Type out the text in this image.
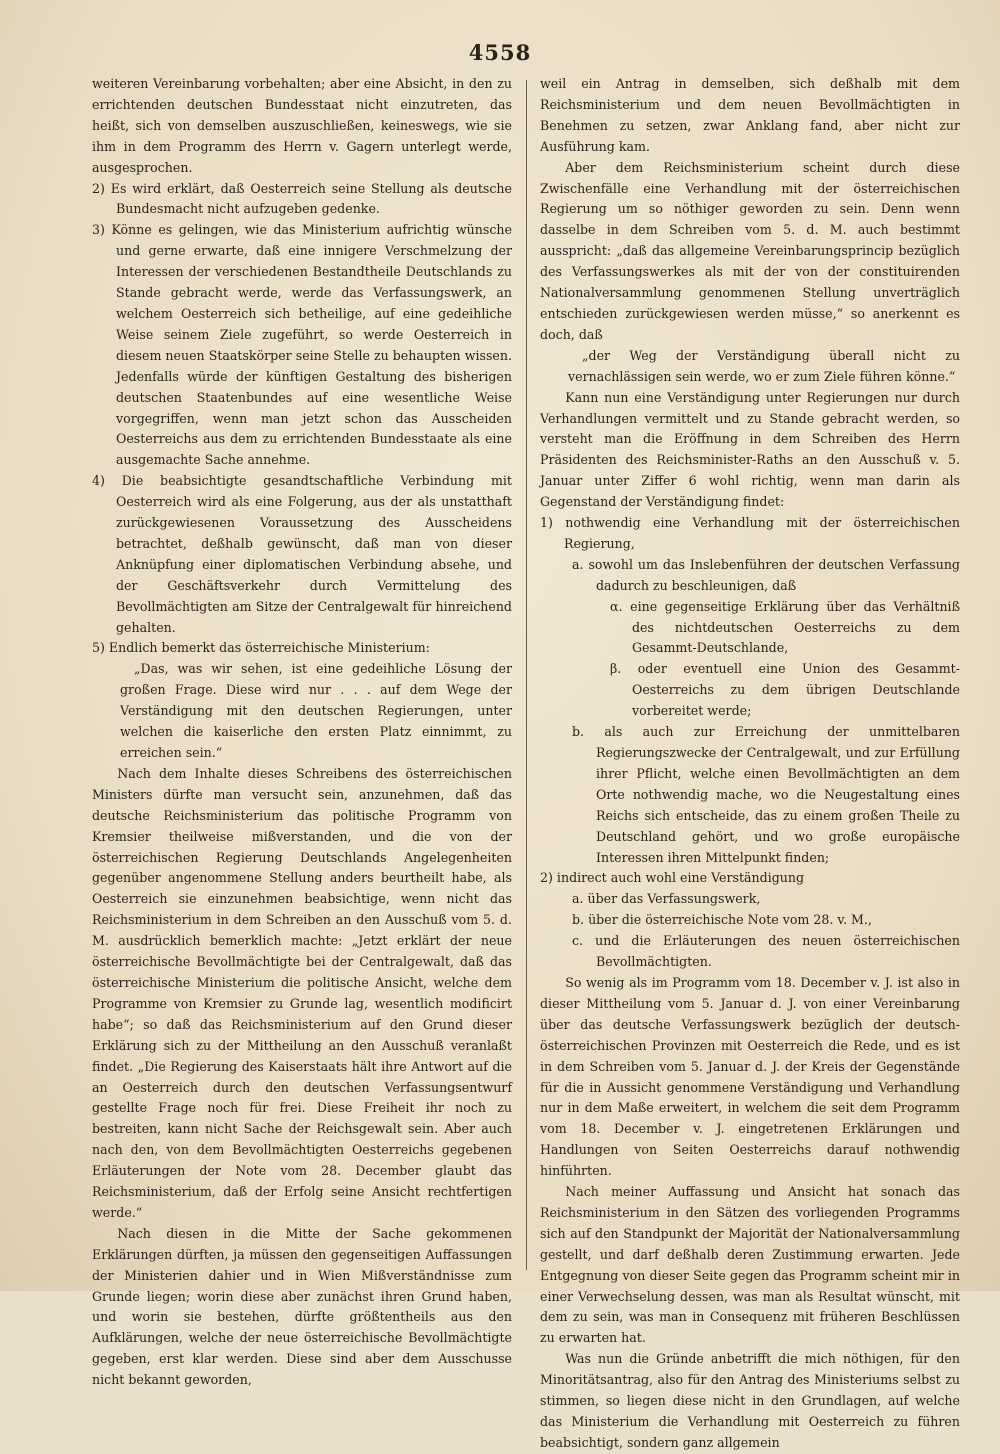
4558

weiteren Vereinbarung vorbehalten; aber eine Absicht, in den zu errichtenden deutschen Bundesstaat nicht einzutreten, das heißt, sich von demselben auszuschließen, keineswegs, wie sie ihm in dem Programm des Herrn v. Gagern unterlegt werde, ausgesprochen.

2) Es wird erklärt, daß Oesterreich seine Stellung als deutsche Bundesmacht nicht aufzugeben gedenke.

3) Könne es gelingen, wie das Ministerium aufrichtig wünsche und gerne erwarte, daß eine innigere Verschmelzung der Interessen der verschiedenen Bestandtheile Deutschlands zu Stande gebracht werde, werde das Verfassungswerk, an welchem Oesterreich sich betheilige, auf eine gedeihliche Weise seinem Ziele zugeführt, so werde Oesterreich in diesem neuen Staatskörper seine Stelle zu behaupten wissen. Jedenfalls würde der künftigen Gestaltung des bisherigen deutschen Staatenbundes auf eine wesentliche Weise vorgegriffen, wenn man jetzt schon das Ausscheiden Oesterreichs aus dem zu errichtenden Bundesstaate als eine ausgemachte Sache annehme.

4) Die beabsichtigte gesandtschaftliche Verbindung mit Oesterreich wird als eine Folgerung, aus der als unstatthaft zurückgewiesenen Voraussetzung des Ausscheidens betrachtet, deßhalb gewünscht, daß man von dieser Anknüpfung einer diplomatischen Verbindung absehe, und der Geschäftsverkehr durch Vermittelung des Bevollmächtigten am Sitze der Centralgewalt für hinreichend gehalten.

5) Endlich bemerkt das österreichische Ministerium:

„Das, was wir sehen, ist eine gedeihliche Lösung der großen Frage. Diese wird nur . . . auf dem Wege der Verständigung mit den deutschen Regierungen, unter welchen die kaiserliche den ersten Platz einnimmt, zu erreichen sein.“

Nach dem Inhalte dieses Schreibens des österreichischen Ministers dürfte man versucht sein, anzunehmen, daß das deutsche Reichsministerium das politische Programm von Kremsier theilweise mißverstanden, und die von der österreichischen Regierung Deutschlands Angelegenheiten gegenüber angenommene Stellung anders beurtheilt habe, als Oesterreich sie einzunehmen beabsichtige, wenn nicht das Reichsministerium in dem Schreiben an den Ausschuß vom 5. d. M. ausdrücklich bemerklich machte: „Jetzt erklärt der neue österreichische Bevollmächtigte bei der Centralgewalt, daß das österreichische Ministerium die politische Ansicht, welche dem Programme von Kremsier zu Grunde lag, wesentlich modificirt habe“; so daß das Reichsministerium auf den Grund dieser Erklärung sich zu der Mittheilung an den Ausschuß veranlaßt findet. „Die Regierung des Kaiserstaats hält ihre Antwort auf die an Oesterreich durch den deutschen Verfassungsentwurf gestellte Frage noch für frei. Diese Freiheit ihr noch zu bestreiten, kann nicht Sache der Reichsgewalt sein. Aber auch nach den, von dem Bevollmächtigten Oesterreichs gegebenen Erläuterungen der Note vom 28. December glaubt das Reichsministerium, daß der Erfolg seine Ansicht rechtfertigen werde.“

Nach diesen in die Mitte der Sache gekommenen Erklärungen dürften, ja müssen den gegenseitigen Auffassungen der Ministerien dahier und in Wien Mißverständnisse zum Grunde liegen; worin diese aber zunächst ihren Grund haben, und worin sie bestehen, dürfte größtentheils aus den Aufklärungen, welche der neue österreichische Bevollmächtigte gegeben, erst klar werden. Diese sind aber dem Ausschusse nicht bekannt geworden,

weil ein Antrag in demselben, sich deßhalb mit dem Reichsministerium und dem neuen Bevollmächtigten in Benehmen zu setzen, zwar Anklang fand, aber nicht zur Ausführung kam.

Aber dem Reichsministerium scheint durch diese Zwischenfälle eine Verhandlung mit der österreichischen Regierung um so nöthiger geworden zu sein. Denn wenn dasselbe in dem Schreiben vom 5. d. M. auch bestimmt ausspricht: „daß das allgemeine Vereinbarungsprincip bezüglich des Verfassungswerkes als mit der von der constituirenden Nationalversammlung genommenen Stellung unverträglich entschieden zurückgewiesen werden müsse,“ so anerkennt es doch, daß

„der Weg der Verständigung überall nicht zu vernachlässigen sein werde, wo er zum Ziele führen könne.“

Kann nun eine Verständigung unter Regierungen nur durch Verhandlungen vermittelt und zu Stande gebracht werden, so versteht man die Eröffnung in dem Schreiben des Herrn Präsidenten des Reichsminister-Raths an den Ausschuß v. 5. Januar unter Ziffer 6 wohl richtig, wenn man darin als Gegenstand der Verständigung findet:

1) nothwendig eine Verhandlung mit der österreichischen Regierung,

a. sowohl um das Inslebenführen der deutschen Verfassung dadurch zu beschleunigen, daß

α. eine gegenseitige Erklärung über das Verhältniß des nichtdeutschen Oesterreichs zu dem Gesammt-Deutschlande,

β. oder eventuell eine Union des Gesammt-Oesterreichs zu dem übrigen Deutschlande vorbereitet werde;

b. als auch zur Erreichung der unmittelbaren Regierungszwecke der Centralgewalt, und zur Erfüllung ihrer Pflicht, welche einen Bevollmächtigten an dem Orte nothwendig mache, wo die Neugestaltung eines Reichs sich entscheide, das zu einem großen Theile zu Deutschland gehört, und wo große europäische Interessen ihren Mittelpunkt finden;

2) indirect auch wohl eine Verständigung

a. über das Verfassungswerk,

b. über die österreichische Note vom 28. v. M.,

c. und die Erläuterungen des neuen österreichischen Bevollmächtigten.

So wenig als im Programm vom 18. December v. J. ist also in dieser Mittheilung vom 5. Januar d. J. von einer Vereinbarung über das deutsche Verfassungswerk bezüglich der deutsch-österreichischen Provinzen mit Oesterreich die Rede, und es ist in dem Schreiben vom 5. Januar d. J. der Kreis der Gegenstände für die in Aussicht genommene Verständigung und Verhandlung nur in dem Maße erweitert, in welchem die seit dem Programm vom 18. December v. J. eingetretenen Erklärungen und Handlungen von Seiten Oesterreichs darauf nothwendig hinführten.

Nach meiner Auffassung und Ansicht hat sonach das Reichsministerium in den Sätzen des vorliegenden Programms sich auf den Standpunkt der Majorität der Nationalversammlung gestellt, und darf deßhalb deren Zustimmung erwarten. Jede Entgegnung von dieser Seite gegen das Programm scheint mir in einer Verwechselung dessen, was man als Resultat wünscht, mit dem zu sein, was man in Consequenz mit früheren Beschlüssen zu erwarten hat.

Was nun die Gründe anbetrifft die mich nöthigen, für den Minoritätsantrag, also für den Antrag des Ministeriums selbst zu stimmen, so liegen diese nicht in den Grundlagen, auf welche das Ministerium die Verhandlung mit Oesterreich zu führen beabsichtigt, sondern ganz allgemein
